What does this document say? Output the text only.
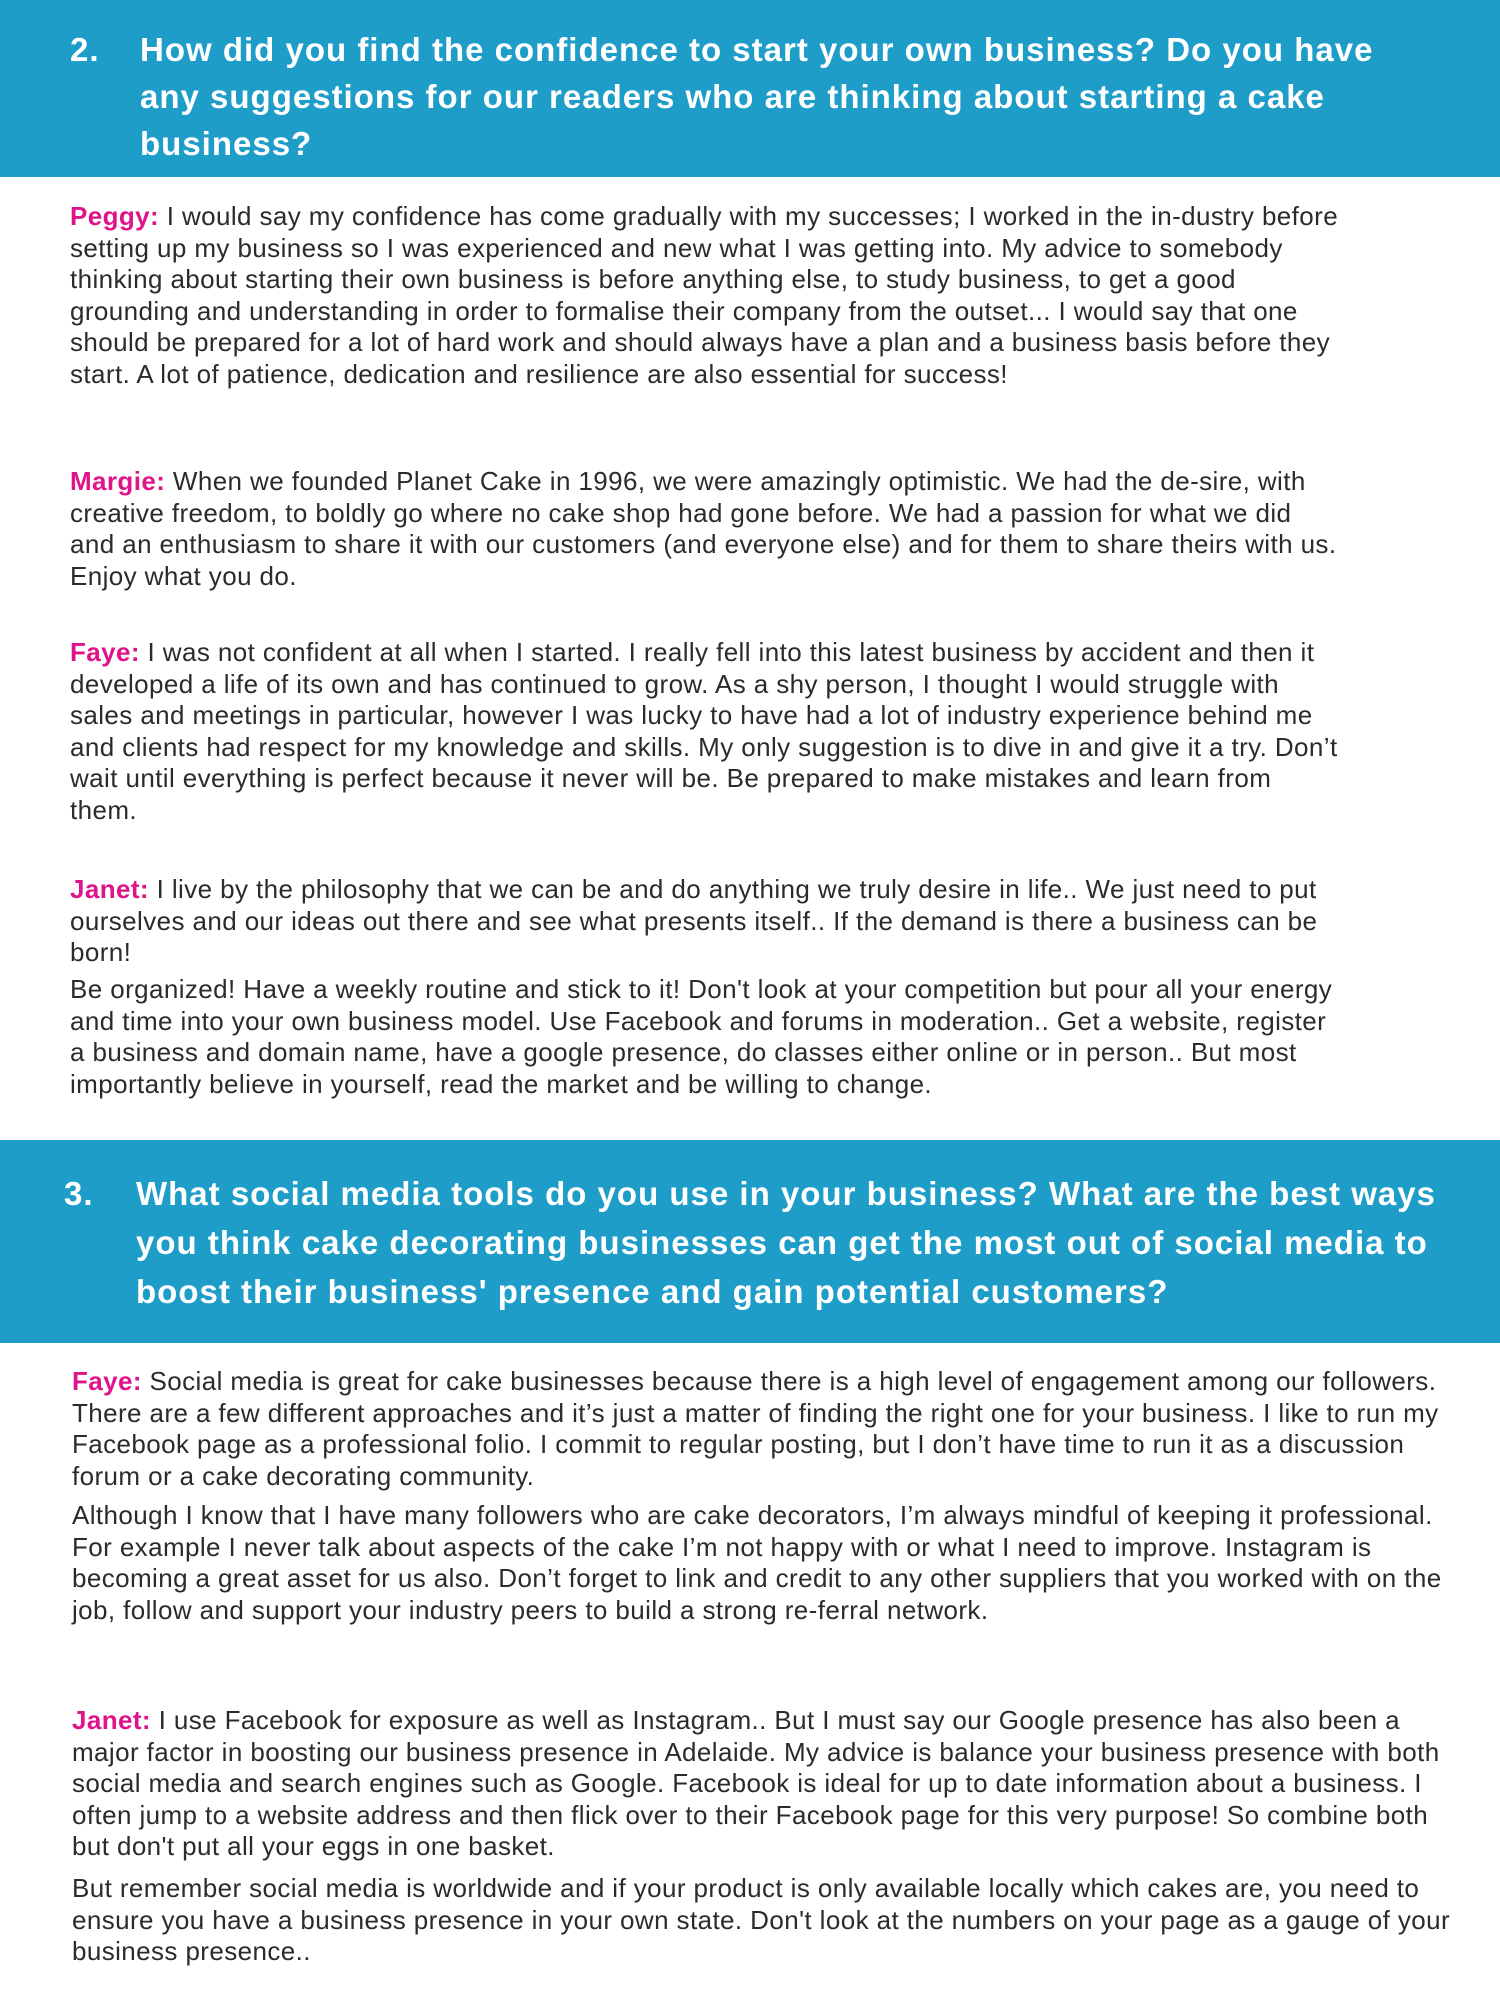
2. How did you find the confidence to start your own business? Do you have any suggestions for our readers who are thinking about starting a cake business?

Peggy: I would say my confidence has come gradually with my successes; I worked in the in-dustry before setting up my business so I was experienced and new what I was getting into. My advice to somebody thinking about starting their own business is before anything else, to study business, to get a good grounding and understanding in order to formalise their company from the outset... I would say that one should be prepared for a lot of hard work and should always have a plan and a business basis before they start. A lot of patience, dedication and resilience are also essential for success!

Margie: When we founded Planet Cake in 1996, we were amazingly optimistic. We had the de-sire, with creative freedom, to boldly go where no cake shop had gone before. We had a passion for what we did and an enthusiasm to share it with our customers (and everyone else) and for them to share theirs with us. Enjoy what you do.

Faye: I was not confident at all when I started. I really fell into this latest business by accident and then it developed a life of its own and has continued to grow. As a shy person, I thought I would struggle with sales and meetings in particular, however I was lucky to have had a lot of industry experience behind me and clients had respect for my knowledge and skills. My only suggestion is to dive in and give it a try. Don’t wait until everything is perfect because it never will be. Be prepared to make mistakes and learn from them.

Janet: I live by the philosophy that we can be and do anything we truly desire in life.. We just need to put ourselves and our ideas out there and see what presents itself.. If the demand is there a business can be born!

Be organized! Have a weekly routine and stick to it! Don't look at your competition but pour all your energy and time into your own business model. Use Facebook and forums in moderation.. Get a website, register a business and domain name, have a google presence, do classes either online or in person.. But most importantly believe in yourself, read the market and be willing to change.

3. What social media tools do you use in your business? What are the best ways you think cake decorating businesses can get the most out of social media to boost their business' presence and gain potential customers?

Faye: Social media is great for cake businesses because there is a high level of engagement among our followers. There are a few different approaches and it’s just a matter of finding the right one for your business. I like to run my Facebook page as a professional folio. I commit to regular posting, but I don’t have time to run it as a discussion forum or a cake decorating community.

Although I know that I have many followers who are cake decorators, I’m always mindful of keeping it professional. For example I never talk about aspects of the cake I’m not happy with or what I need to improve. Instagram is becoming a great asset for us also. Don’t forget to link and credit to any other suppliers that you worked with on the job, follow and support your industry peers to build a strong re-ferral network.

Janet: I use Facebook for exposure as well as Instagram.. But I must say our Google presence has also been a major factor in boosting our business presence in Adelaide. My advice is balance your business presence with both social media and search engines such as Google. Facebook is ideal for up to date information about a business. I often jump to a website address and then flick over to their Facebook page for this very purpose! So combine both but don't put all your eggs in one basket.

But remember social media is worldwide and if your product is only available locally which cakes are, you need to ensure you have a business presence in your own state. Don't look at the numbers on your page as a gauge of your business presence..
